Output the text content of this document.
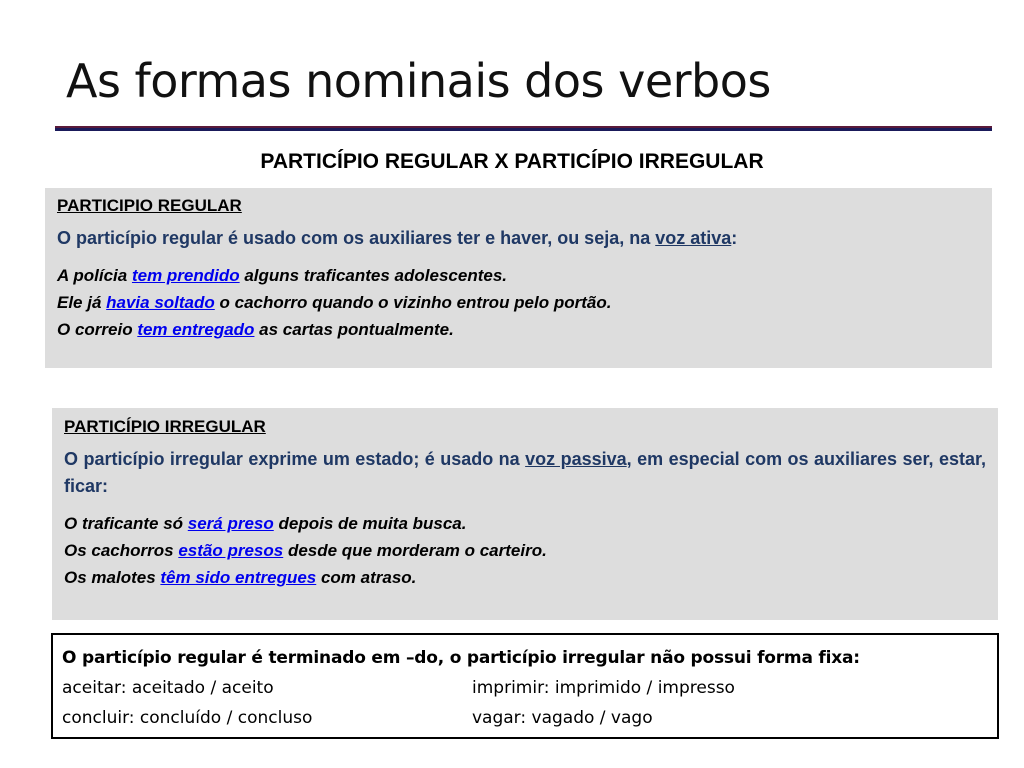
As formas nominais dos verbos
PARTICÍPIO REGULAR X PARTICÍPIO IRREGULAR

PARTICIPIO REGULAR

O particípio regular é usado com os auxiliares ter e haver, ou seja, na voz ativa:

A polícia tem prendido alguns traficantes adolescentes.

Ele já havia soltado o cachorro quando o vizinho entrou pelo portão.

O correio tem entregado as cartas pontualmente.

PARTICÍPIO IRREGULAR

O particípio irregular exprime um estado; é usado na voz passiva, em especial com os auxiliares ser, estar, ficar:

O traficante só será preso depois de muita busca.

Os cachorros estão presos desde que morderam o carteiro.

Os malotes têm sido entregues com atraso.

O particípio regular é terminado em –do, o particípio irregular não possui forma fixa:
aceitar: aceitado / aceito	imprimir: imprimido / impresso
concluir: concluído / concluso	vagar: vagado / vago
